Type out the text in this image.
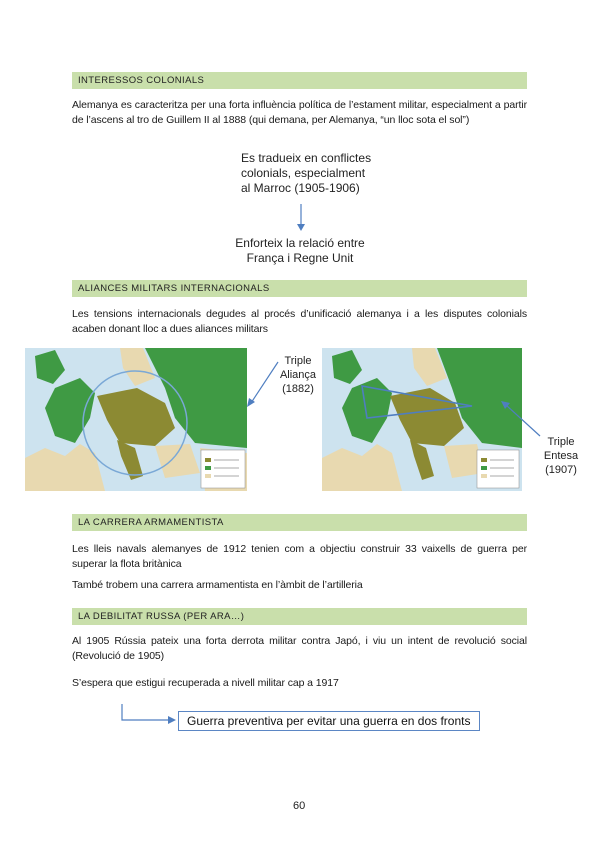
INTERESSOS COLONIALS
Alemanya es caracteritza per una forta influència política de l’estament militar, especialment a partir de l’ascens al tro de Guillem II al 1888 (qui demana, per Alemanya, “un lloc sota el sol”)
Es tradueix en conflictes
colonials, especialment
al Marroc (1905-1906)
Enforteix la relació entre
França i Regne Unit
ALIANCES MILITARS INTERNACIONALS
Les tensions internacionals degudes al procés d’unificació alemanya i a les disputes colonials acaben donant lloc a dues aliances militars
Triple
Aliança
(1882)
Triple
Entesa
(1907)
LA CARRERA ARMAMENTISTA
Les lleis navals alemanyes de 1912 tenien com a objectiu construir 33 vaixells de guerra per superar la flota britànica
També trobem una carrera armamentista en l’àmbit de l’artilleria
LA DEBILITAT RUSSA (PER ARA…)
Al 1905 Rússia pateix una forta derrota militar contra Japó, i viu un intent de revolució social (Revolució de 1905)
S’espera que estigui recuperada a nivell militar cap a 1917
Guerra preventiva per evitar una guerra en dos fronts
60
